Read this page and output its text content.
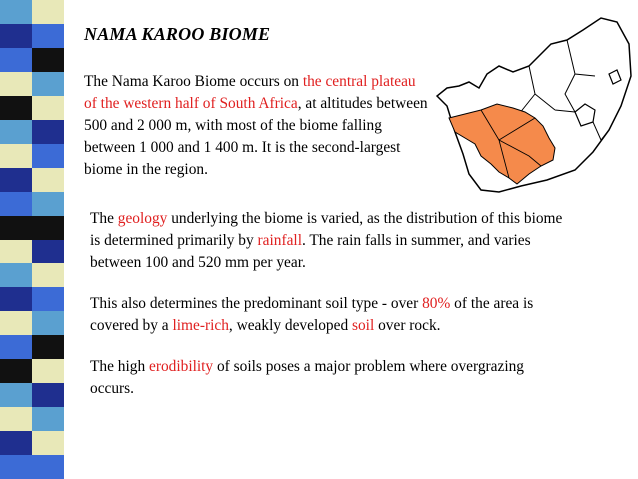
NAMA KAROO BIOME
The Nama Karoo Biome occurs on the central plateau of the western half of South Africa, at altitudes between 500 and 2 000 m, with most of the biome falling between 1 000 and 1 400 m. It is the second-largest biome in the region.
The geology underlying the biome is varied, as the distribution of this biome is determined primarily by rainfall. The rain falls in summer, and varies between 100 and 520 mm per year.
This also determines the predominant soil type - over 80% of the area is covered by a lime-rich, weakly developed soil over rock.
The high erodibility of soils poses a major problem where overgrazing occurs.
